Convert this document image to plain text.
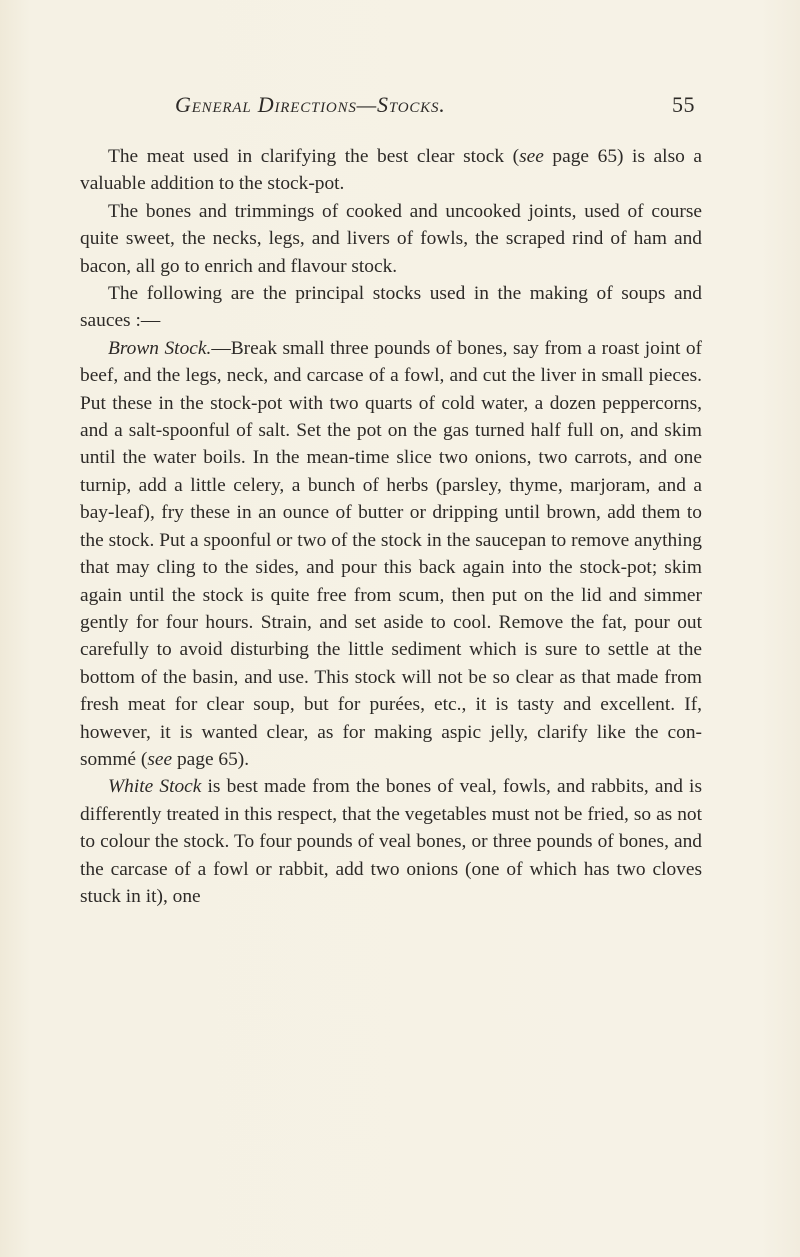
General Directions—Stocks.	55

The meat used in clarifying the best clear stock (see page 65) is also a valuable addition to the stock-pot.

The bones and trimmings of cooked and uncooked joints, used of course quite sweet, the necks, legs, and livers of fowls, the scraped rind of ham and bacon, all go to enrich and flavour stock.

The following are the principal stocks used in the making of soups and sauces :—

Brown Stock.—Break small three pounds of bones, say from a roast joint of beef, and the legs, neck, and carcase of a fowl, and cut the liver in small pieces. Put these in the stock-pot with two quarts of cold water, a dozen peppercorns, and a salt-spoonful of salt. Set the pot on the gas turned half full on, and skim until the water boils. In the mean-time slice two onions, two carrots, and one turnip, add a little celery, a bunch of herbs (parsley, thyme, marjoram, and a bay-leaf), fry these in an ounce of butter or dripping until brown, add them to the stock. Put a spoonful or two of the stock in the saucepan to remove anything that may cling to the sides, and pour this back again into the stock-pot; skim again until the stock is quite free from scum, then put on the lid and simmer gently for four hours. Strain, and set aside to cool. Remove the fat, pour out carefully to avoid disturbing the little sediment which is sure to settle at the bottom of the basin, and use. This stock will not be so clear as that made from fresh meat for clear soup, but for purées, etc., it is tasty and excellent. If, however, it is wanted clear, as for making aspic jelly, clarify like the con-sommé (see page 65).

White Stock is best made from the bones of veal, fowls, and rabbits, and is differently treated in this respect, that the vegetables must not be fried, so as not to colour the stock. To four pounds of veal bones, or three pounds of bones, and the carcase of a fowl or rabbit, add two onions (one of which has two cloves stuck in it), one
